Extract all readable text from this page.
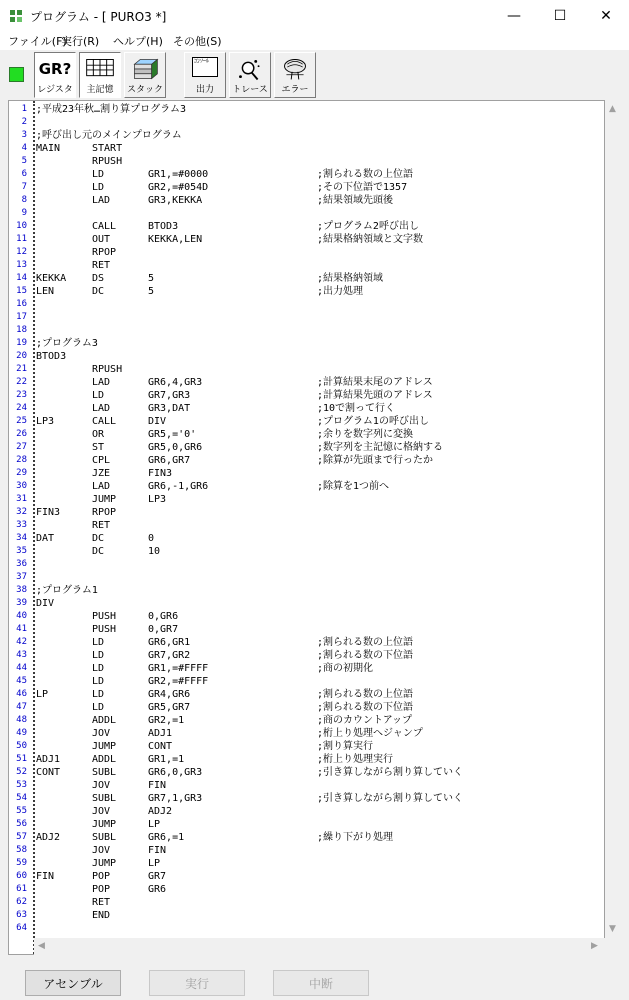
プログラム - [ PURO3 *]	—	☐	✕
ファイル(F)
実行(R) ヘルプ(H) その他(S)
GR?
レジスタ	主記憶	スタック
ｺﾝｿｰﾙ
出力	トレース	エラー
1 ;平成23年秋…割り算プログラム3
2
3 ;呼び出し元のメインプログラム
4 MAIN	START
5	RPUSH
6	LD	GR1,=#0000	;割られる数の上位語
7	LD	GR2,=#054D	;その下位語で1357
8	LAD	GR3,KEKKA	;結果領域先頭後
9
10	CALL	BTOD3	;プログラム2呼び出し
11	OUT	KEKKA,LEN	;結果格納領域と文字数
12	RPOP
13	RET
14 KEKKA	DS	5	;結果格納領域
15 LEN	DC	5	;出力処理
16
17
18
19 ;プログラム3
20 BTOD3
21	RPUSH
22	LAD	GR6,4,GR3	;計算結果末尾のアドレス
23	LD	GR7,GR3	;計算結果先頭のアドレス
24	LAD	GR3,DAT	;10で割って行く
25 LP3	CALL	DIV	;プログラム1の呼び出し
26	OR	GR5,='0'	;余りを数字列に変換
27	ST	GR5,0,GR6	;数字列を主記憶に格納する
28	CPL	GR6,GR7	;除算が先頭まで行ったか
29	JZE	FIN3
30	LAD	GR6,-1,GR6	;除算を1つ前へ
31	JUMP	LP3
32 FIN3	RPOP
33	RET
34 DAT	DC	0
35	DC	10
36
37
38 ;プログラム1
39 DIV
40	PUSH	0,GR6
41	PUSH	0,GR7
42	LD	GR6,GR1	;割られる数の上位語
43	LD	GR7,GR2	;割られる数の下位語
44	LD	GR1,=#FFFF	;商の初期化
45	LD	GR2,=#FFFF
46 LP	LD	GR4,GR6	;割られる数の上位語
47	LD	GR5,GR7	;割られる数の下位語
48	ADDL	GR2,=1	;商のカウントアップ
49	JOV	ADJ1	;桁上り処理へジャンプ
50	JUMP	CONT	;割り算実行
51 ADJ1	ADDL	GR1,=1	;桁上り処理実行
52 CONT	SUBL	GR6,0,GR3	;引き算しながら割り算していく
53	JOV	FIN
54	SUBL	GR7,1,GR3	;引き算しながら割り算していく
55	JOV	ADJ2
56	JUMP	LP
57 ADJ2	SUBL	GR6,=1	;繰り下がり処理
58	JOV	FIN
59	JUMP	LP
60 FIN	POP	GR7
61	POP	GR6
62	RET
63	END
64
▲
▼
◀	▶
アセンブル	実行	中断
